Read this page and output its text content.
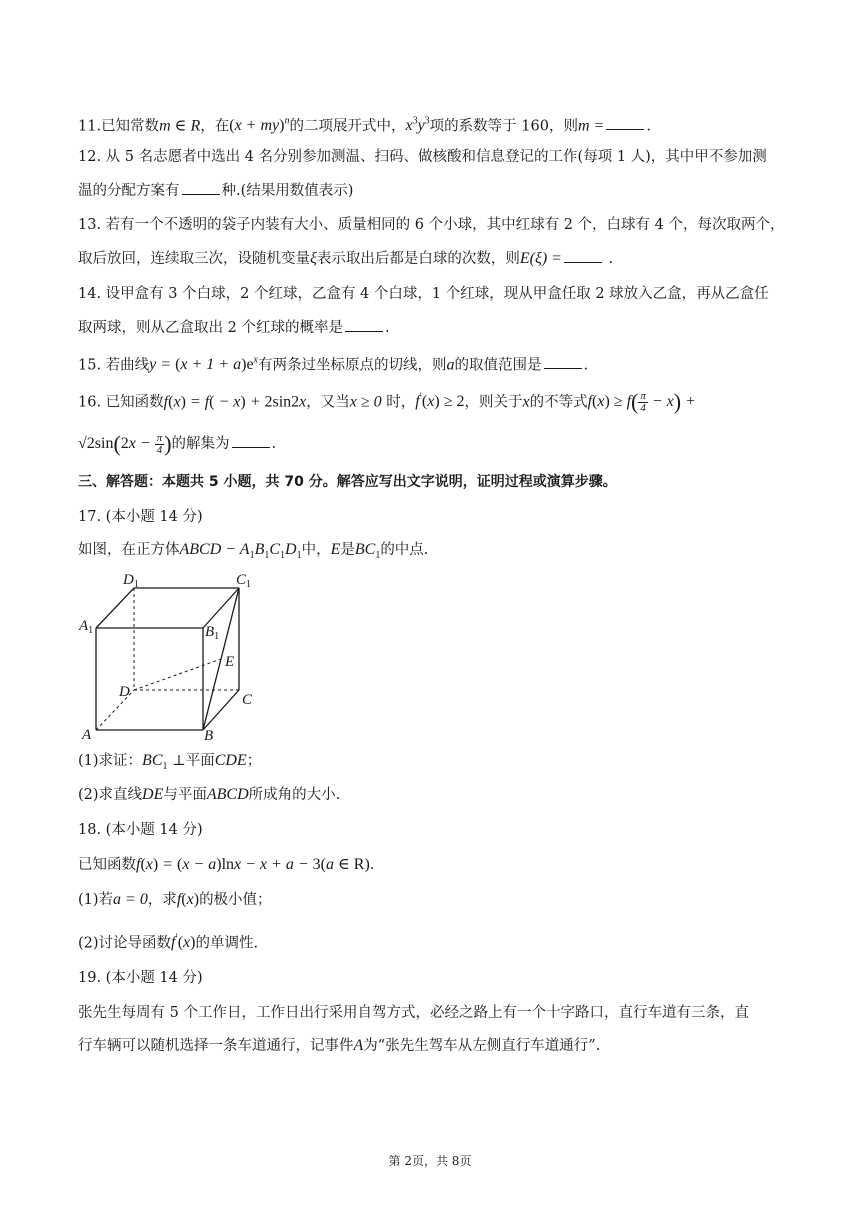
11.已知常数m ∈ R，在(x + my)$^n$的二项展开式中，$x^3y^3$项的系数等于 160，则m =	.
12. 从 5 名志愿者中选出 4 名分别参加测温、扫码、做核酸和信息登记的工作(每项 1 人)，其中甲不参加测
温的分配方案有	种.(结果用数值表示)
13. 若有一个不透明的袋子内装有大小、质量相同的 6 个小球，其中红球有 2 个，白球有 4 个，每次取两个，
取后放回，连续取三次，设随机变量ξ表示取出后都是白球的次数，则E(ξ) =	.
14. 设甲盒有 3 个白球，2 个红球，乙盒有 4 个白球，1 个红球，现从甲盒任取 2 球放入乙盒，再从乙盒任
取两球，则从乙盒取出 2 个红球的概率是	.
15. 若曲线$y = (x + 1 + a)e^x$有两条过坐标原点的切线，则a的取值范围是	.
16. 已知函数f(x) = f( − x) + 2sin2x，又当x ≥ 0 时，f′(x) ≥ 2，则关于x的不等式$f(x) \ge f( \frac{\pi}{4} - x)$ +
$√2\sin(2x - \frac{\pi}{4}$ )的解集为	.
三、解答题：本题共 5 小题，共 70 分。解答应写出文字说明，证明过程或演算步骤。
17. (本小题 14 分)
如图，在正方体ABCD − $A_1B_1C_1D_1$中，E是$BC_1$的中点.
$D_1$	$C_1$
$A_1$	$B_1$
E
D	C
A	B
(1)求证：$BC_1$ ⊥平面CDE；
(2)求直线DE与平面ABCD所成角的大小.
18. (本小题 14 分)
已知函数f(x) = (x − a)lnx − x + a − 3(a ∈ R).
(1)若a = 0，求f(x)的极小值；
(2)讨论导函数f′(x)的单调性.
19. (本小题 14 分)
张先生每周有 5 个工作日，工作日出行采用自驾方式，必经之路上有一个十字路口，直行车道有三条，直
行车辆可以随机选择一条车道通行，记事件A为“张先生驾车从左侧直行车道通行”.
第 2页，共 8页
